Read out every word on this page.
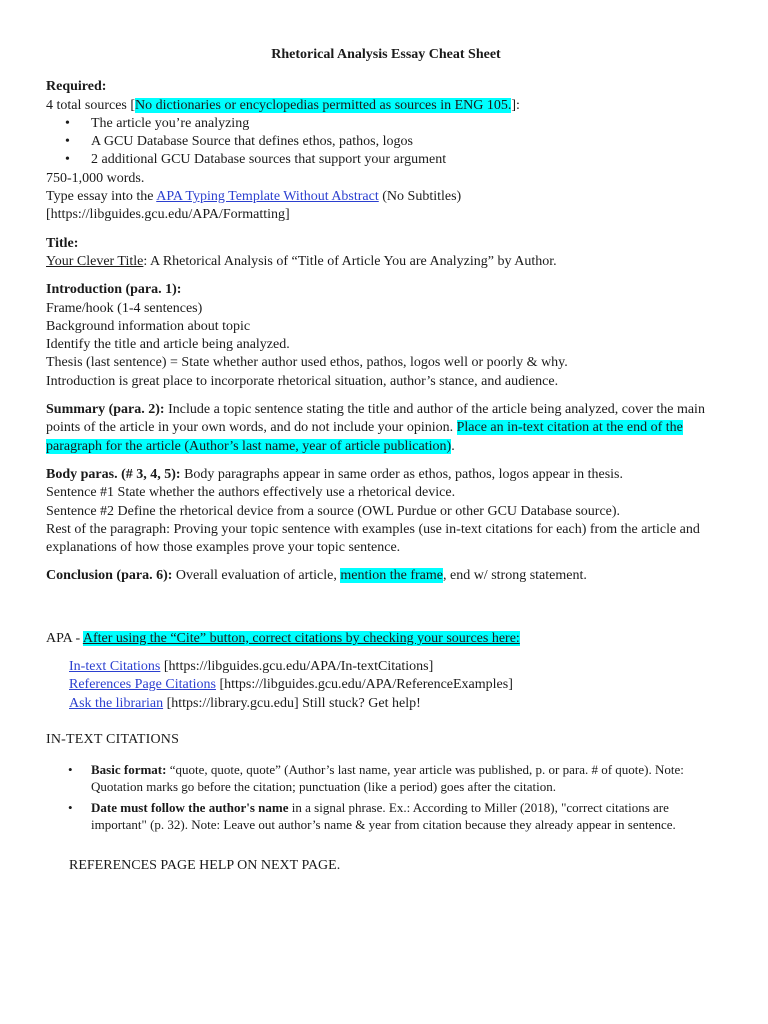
Rhetorical Analysis Essay Cheat Sheet

Required:

4 total sources [No dictionaries or encyclopedias permitted as sources in ENG 105.]:

• The article you’re analyzing
• A GCU Database Source that defines ethos, pathos, logos
• 2 additional GCU Database sources that support your argument

750-1,000 words.

Type essay into the APA Typing Template Without Abstract (No Subtitles)

[https://libguides.gcu.edu/APA/Formatting]

Title:

Your Clever Title: A Rhetorical Analysis of “Title of Article You are Analyzing” by Author.

Introduction (para. 1):

Frame/hook (1-4 sentences)

Background information about topic

Identify the title and article being analyzed.

Thesis (last sentence) = State whether author used ethos, pathos, logos well or poorly & why.

Introduction is great place to incorporate rhetorical situation, author’s stance, and audience.

Summary (para. 2): Include a topic sentence stating the title and author of the article being analyzed, cover the main points of the article in your own words, and do not include your opinion. Place an in-text citation at the end of the paragraph for the article (Author’s last name, year of article publication).

Body paras. (# 3, 4, 5): Body paragraphs appear in same order as ethos, pathos, logos appear in thesis.

Sentence #1 State whether the authors effectively use a rhetorical device.

Sentence #2 Define the rhetorical device from a source (OWL Purdue or other GCU Database source).

Rest of the paragraph: Proving your topic sentence with examples (use in-text citations for each) from the article and explanations of how those examples prove your topic sentence.

Conclusion (para. 6): Overall evaluation of article, mention the frame, end w/ strong statement.

APA - After using the “Cite” button, correct citations by checking your sources here:

In-text Citations [https://libguides.gcu.edu/APA/In-textCitations]

References Page Citations [https://libguides.gcu.edu/APA/ReferenceExamples]

Ask the librarian [https://library.gcu.edu] Still stuck? Get help!

IN-TEXT CITATIONS

• Basic format: “quote, quote, quote” (Author’s last name, year article was published, p. or para. # of quote). Note: Quotation marks go before the citation; punctuation (like a period) goes after the citation.
• Date must follow the author's name in a signal phrase. Ex.: According to Miller (2018), "correct citations are important" (p. 32). Note: Leave out author’s name & year from citation because they already appear in sentence.

REFERENCES PAGE HELP ON NEXT PAGE.
